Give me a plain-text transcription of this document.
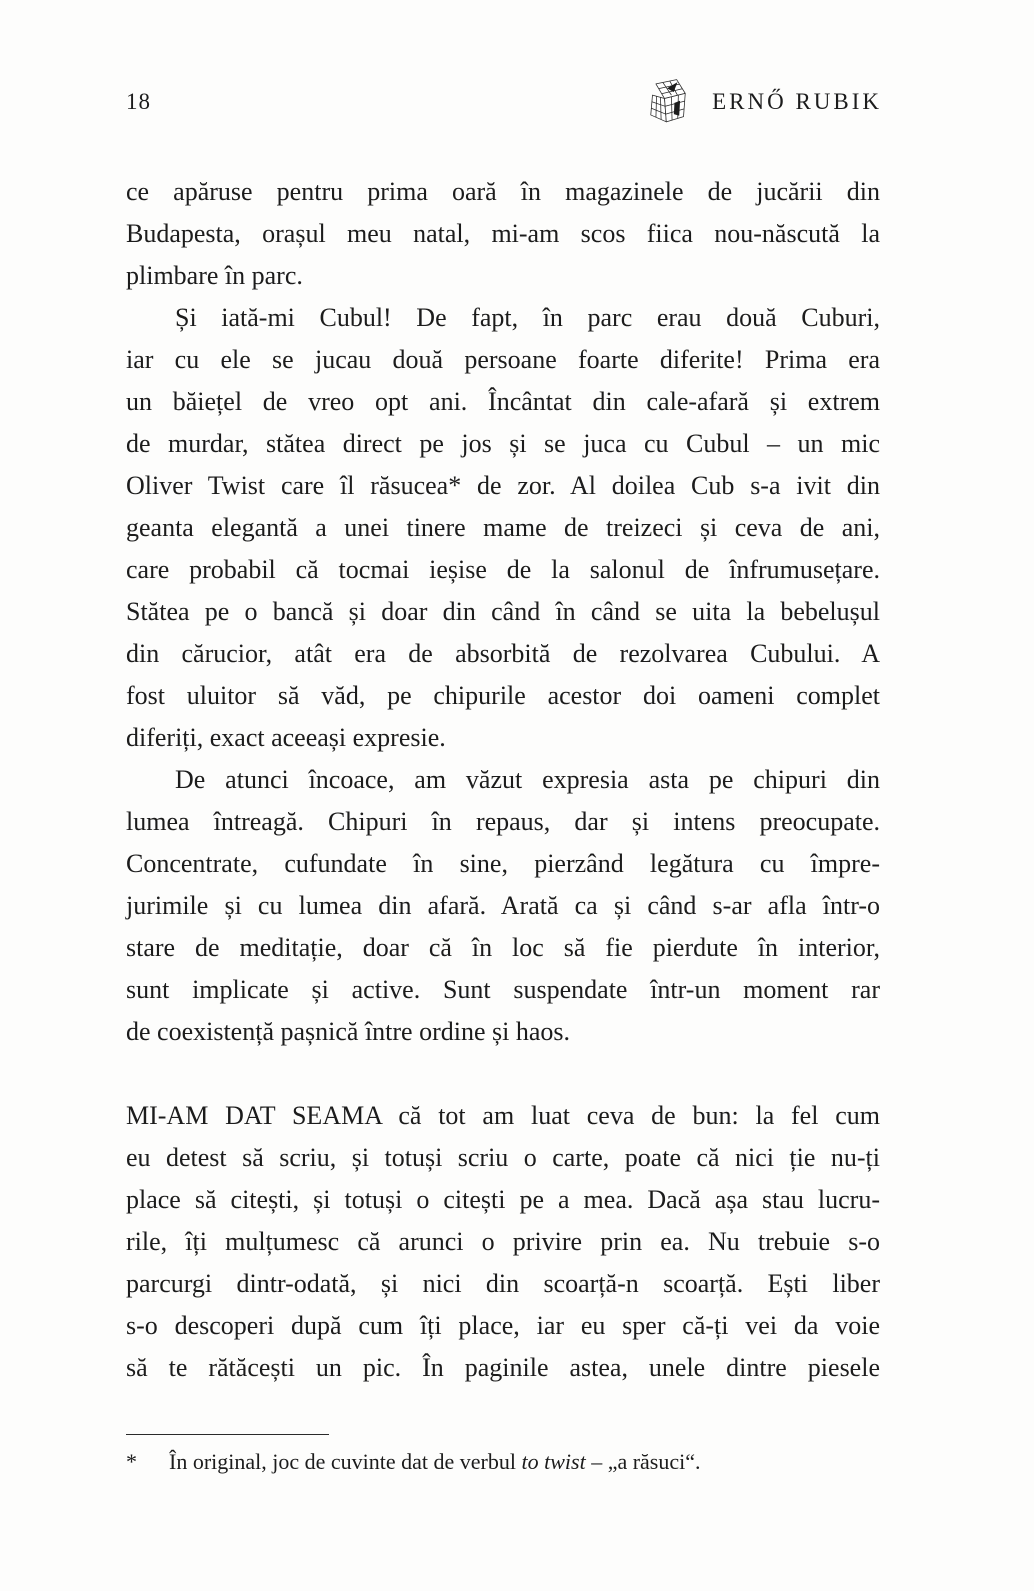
18	ERNŐ RUBIK
ce apăruse pentru prima oară în magazinele de jucării din
Budapesta, orașul meu natal, mi-am scos fiica nou-născută la
plimbare în parc.
Și iată-mi Cubul! De fapt, în parc erau două Cuburi,
iar cu ele se jucau două persoane foarte diferite! Prima era
un băiețel de vreo opt ani. Încântat din cale-afară și extrem
de murdar, stătea direct pe jos și se juca cu Cubul – un mic
Oliver Twist care îl răsucea* de zor. Al doilea Cub s-a ivit din
geanta elegantă a unei tinere mame de treizeci și ceva de ani,
care probabil că tocmai ieșise de la salonul de înfrumusețare.
Stătea pe o bancă și doar din când în când se uita la bebelușul
din cărucior, atât era de absorbită de rezolvarea Cubului. A
fost uluitor să văd, pe chipurile acestor doi oameni complet
diferiți, exact aceeași expresie.
De atunci încoace, am văzut expresia asta pe chipuri din
lumea întreagă. Chipuri în repaus, dar și intens preocupate.
Concentrate, cufundate în sine, pierzând legătura cu împre-
jurimile și cu lumea din afară. Arată ca și când s-ar afla într-o
stare de meditație, doar că în loc să fie pierdute în interior,
sunt implicate și active. Sunt suspendate într-un moment rar
de coexistență pașnică între ordine și haos.
MI-AM DAT SEAMA că tot am luat ceva de bun: la fel cum
eu detest să scriu, și totuși scriu o carte, poate că nici ție nu-ți
place să citești, și totuși o citești pe a mea. Dacă așa stau lucru-
rile, îți mulțumesc că arunci o privire prin ea. Nu trebuie s-o
parcurgi dintr-odată, și nici din scoarță-n scoarță. Ești liber
s-o descoperi după cum îți place, iar eu sper că-ți vei da voie
să te rătăcești un pic. În paginile astea, unele dintre piesele
*	În original, joc de cuvinte dat de verbul to twist – „a răsuci“.
